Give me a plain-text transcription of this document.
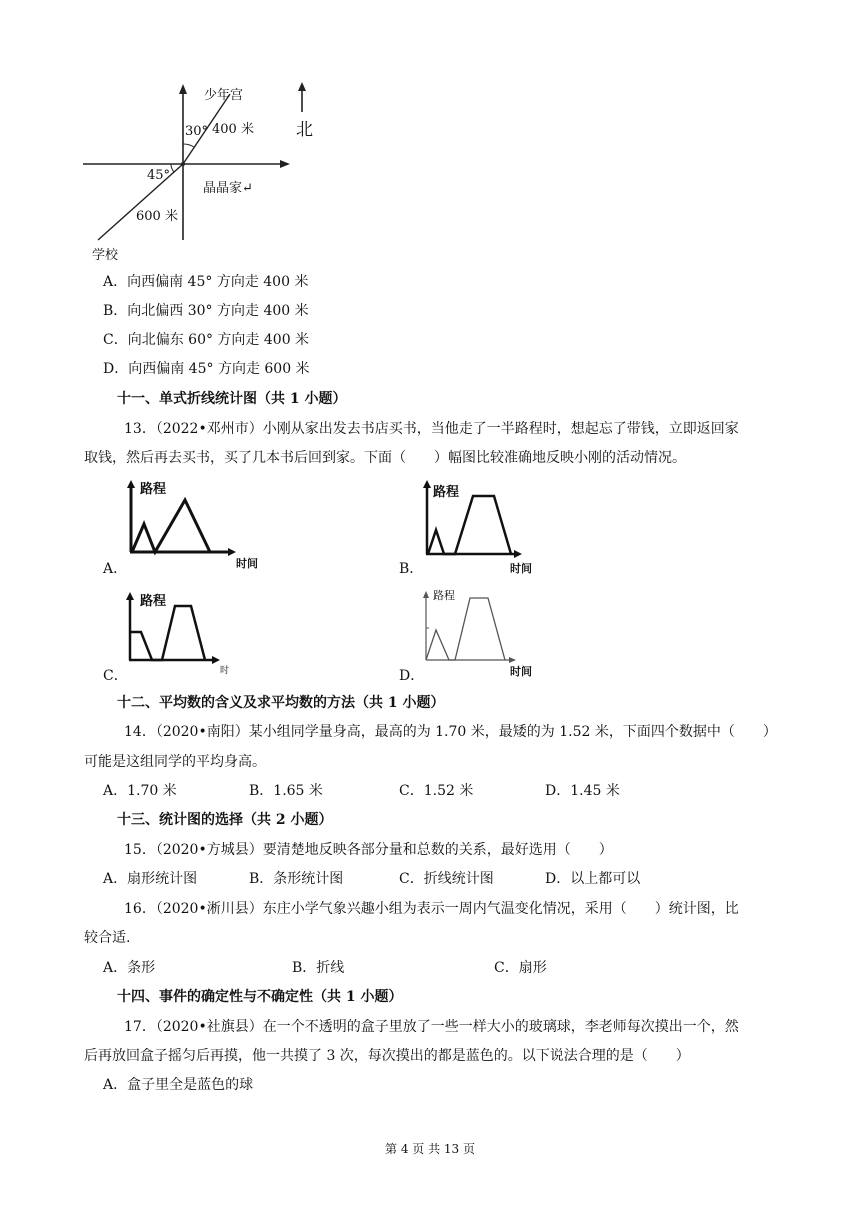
少年宫
北
30° 400 米
45°
晶晶家↵
600 米
学校
A．向西偏南 45° 方向走 400 米
B．向北偏西 30° 方向走 400 米
C．向北偏东 60° 方向走 400 米
D．向西偏南 45° 方向走 600 米
十一、单式折线统计图（共 1 小题）
13．（2022•邓州市）小刚从家出发去书店买书，当他走了一半路程时，想起忘了带钱，立即返回家
取钱，然后再去买书，买了几本书后回到家。下面（　　）幅图比较准确地反映小刚的活动情况。
A．
路程
时间	B．
路程
时间
C．
路程
时　	D．
路程
时间
十二、平均数的含义及求平均数的方法（共 1 小题）
14．（2020•南阳）某小组同学量身高，最高的为 1.70 米，最矮的为 1.52 米，下面四个数据中（　　）
可能是这组同学的平均身高。
A．1.70 米	B．1.65 米	C．1.52 米	D．1.45 米
十三、统计图的选择（共 2 小题）
15．（2020•方城县）要清楚地反映各部分量和总数的关系，最好选用（　　）
A．扇形统计图	B．条形统计图	C．折线统计图	D．以上都可以
16．（2020•淅川县）东庄小学气象兴趣小组为表示一周内气温变化情况，采用（　　）统计图，比
较合适.
A．条形	B．折线	C．扇形
十四、事件的确定性与不确定性（共 1 小题）
17．（2020•社旗县）在一个不透明的盒子里放了一些一样大小的玻璃球，李老师每次摸出一个，然
后再放回盒子摇匀后再摸，他一共摸了 3 次，每次摸出的都是蓝色的。以下说法合理的是（　　）
A．盒子里全是蓝色的球
第 4 页 共 13 页
